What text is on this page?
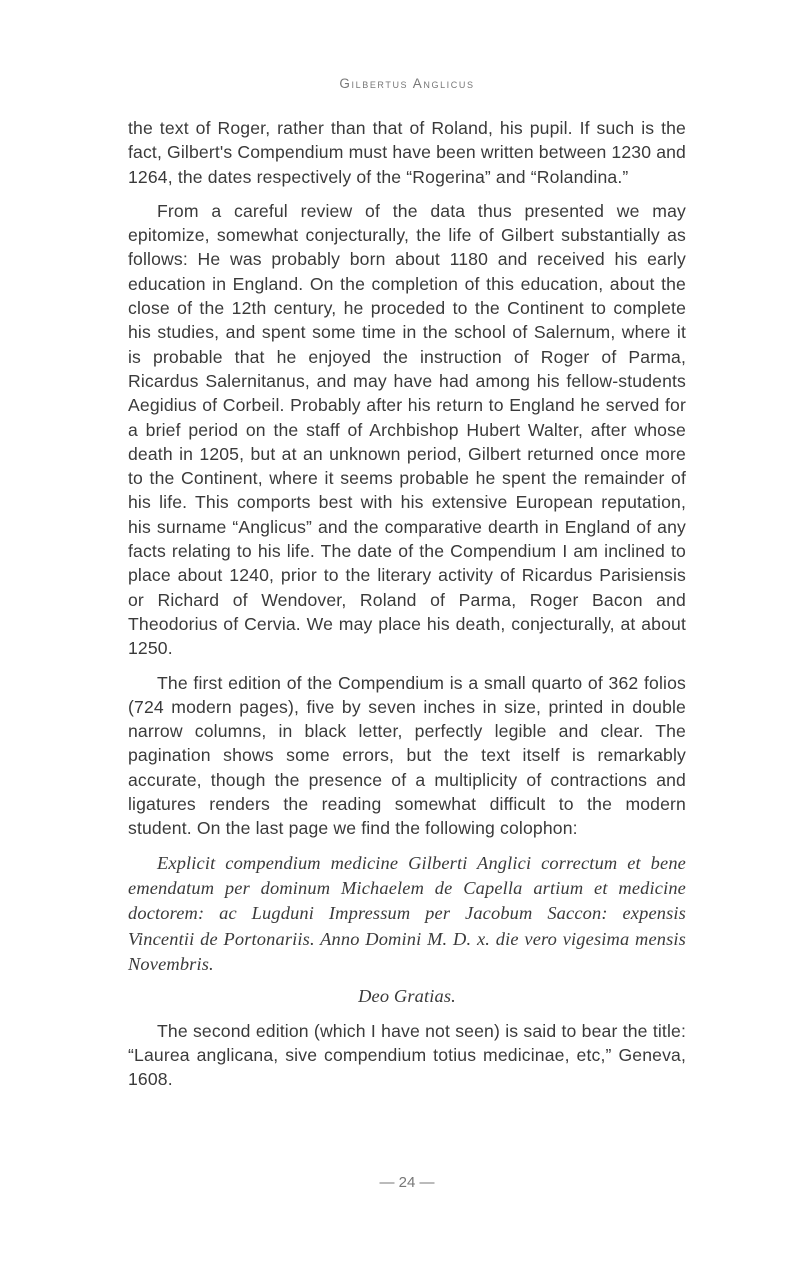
Gilbertus Anglicus

the text of Roger, rather than that of Roland, his pupil. If such is the fact, Gilbert's Compendium must have been written between 1230 and 1264, the dates respectively of the “Rogerina” and “Rolandina.”

From a careful review of the data thus presented we may epitomize, somewhat conjecturally, the life of Gilbert substantially as follows: He was probably born about 1180 and received his early education in England. On the completion of this education, about the close of the 12th century, he proceded to the Continent to complete his studies, and spent some time in the school of Salernum, where it is probable that he enjoyed the instruction of Roger of Parma, Ricardus Salernitanus, and may have had among his fellow-students Aegidius of Corbeil. Probably after his return to England he served for a brief period on the staff of Archbishop Hubert Walter, after whose death in 1205, but at an unknown period, Gilbert returned once more to the Continent, where it seems probable he spent the remainder of his life. This comports best with his extensive European reputation, his surname “Anglicus” and the comparative dearth in England of any facts relating to his life. The date of the Compendium I am inclined to place about 1240, prior to the literary activity of Ricardus Parisiensis or Richard of Wendover, Roland of Parma, Roger Bacon and Theodorius of Cervia. We may place his death, conjecturally, at about 1250.

The first edition of the Compendium is a small quarto of 362 folios (724 modern pages), five by seven inches in size, printed in double narrow columns, in black letter, perfectly legible and clear. The pagination shows some errors, but the text itself is remarkably accurate, though the presence of a multiplicity of contractions and ligatures renders the reading somewhat difficult to the modern student. On the last page we find the following colophon:

Explicit compendium medicine Gilberti Anglici correctum et bene emendatum per dominum Michaelem de Capella artium et medicine doctorem: ac Lugduni Impressum per Jacobum Saccon: expensis Vincentii de Portonariis. Anno Domini M. D. x. die vero vigesima mensis Novembris.

Deo Gratias.

The second edition (which I have not seen) is said to bear the title: “Laurea anglicana, sive compendium totius medicinae, etc,” Geneva, 1608.

— 24 —
